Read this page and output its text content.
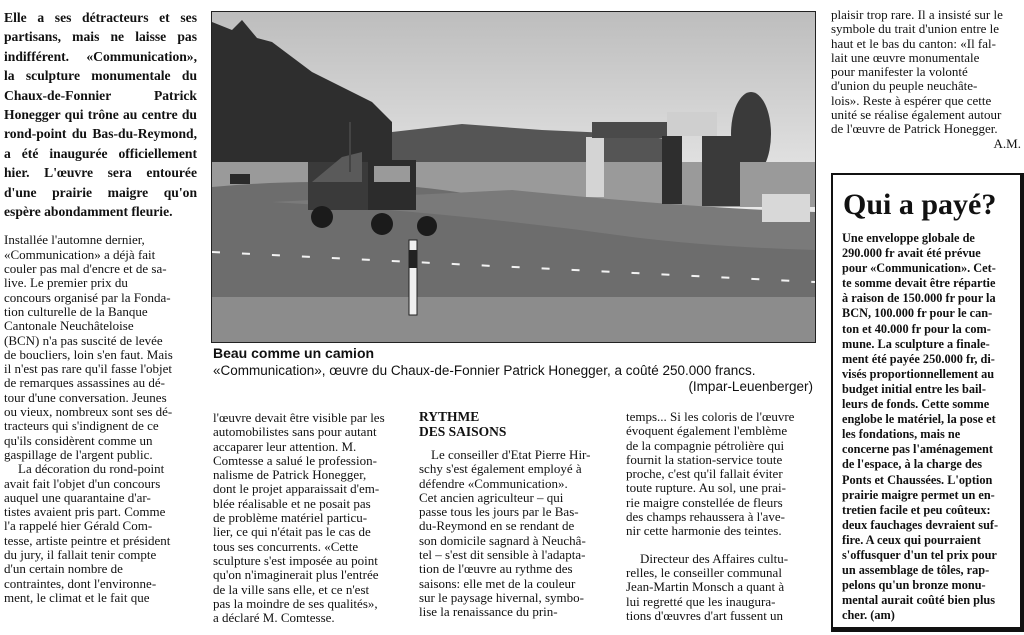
Elle a ses détracteurs et ses partisans, mais ne laisse pas indifférent. «Communication», la sculpture monumentale du Chaux-de-Fonnier Patrick Honegger qui trône au centre du rond-point du Bas-du-Reymond, a été inaugurée officiellement hier. L'œuvre sera entourée d'une prairie maigre qu'on espère abondamment fleurie.
Installée l'automne dernier,
«Communication» a déjà fait
couler pas mal d'encre et de sa-
live. Le premier prix du
concours organisé par la Fonda-
tion culturelle de la Banque
Cantonale Neuchâteloise
(BCN) n'a pas suscité de levée
de boucliers, loin s'en faut. Mais
il n'est pas rare qu'il fasse l'objet
de remarques assassines au dé-
tour d'une conversation. Jeunes
ou vieux, nombreux sont ses dé-
tracteurs qui s'indignent de ce
qu'ils considèrent comme un
gaspillage de l'argent public.
La décoration du rond-point
avait fait l'objet d'un concours
auquel une quarantaine d'ar-
tistes avaient pris part. Comme
l'a rappelé hier Gérald Com-
tesse, artiste peintre et président
du jury, il fallait tenir compte
d'un certain nombre de
contraintes, dont l'environne-
ment, le climat et le fait que
Beau comme un camion
«Communication», œuvre du Chaux-de-Fonnier Patrick Honegger, a coûté 250.000 francs.
(Impar-Leuenberger)
l'œuvre devait être visible par les
automobilistes sans pour autant
accaparer leur attention. M.
Comtesse a salué le profession-
nalisme de Patrick Honegger,
dont le projet apparaissait d'em-
blée réalisable et ne posait pas
de problème matériel particu-
lier, ce qui n'était pas le cas de
tous ses concurrents. «Cette
sculpture s'est imposée au point
qu'on n'imaginerait plus l'entrée
de la ville sans elle, et ce n'est
pas la moindre de ses qualités»,
a déclaré M. Comtesse.
RYTHME
DES SAISONS
Le conseiller d'Etat Pierre Hir-
schy s'est également employé à
défendre «Communication».
Cet ancien agriculteur – qui
passe tous les jours par le Bas-
du-Reymond en se rendant de
son domicile sagnard à Neuchâ-
tel – s'est dit sensible à l'adapta-
tion de l'œuvre au rythme des
saisons: elle met de la couleur
sur le paysage hivernal, symbo-
lise la renaissance du prin-
temps... Si les coloris de l'œuvre
évoquent également l'emblème
de la compagnie pétrolière qui
fournit la station-service toute
proche, c'est qu'il fallait éviter
toute rupture. Au sol, une prai-
rie maigre constellée de fleurs
des champs rehaussera à l'ave-
nir cette harmonie des teintes.
Directeur des Affaires cultu-
relles, le conseiller communal
Jean-Martin Monsch a quant à
lui regretté que les inaugura-
tions d'œuvres d'art fussent un
plaisir trop rare. Il a insisté sur le
symbole du trait d'union entre le
haut et le bas du canton: «Il fal-
lait une œuvre monumentale
pour manifester la volonté
d'union du peuple neuchâte-
lois». Reste à espérer que cette
unité se réalise également autour
de l'œuvre de Patrick Honegger.
A.M.
Qui a payé?
Une enveloppe globale de
290.000 fr avait été prévue
pour «Communication». Cet-
te somme devait être répartie
à raison de 150.000 fr pour la
BCN, 100.000 fr pour le can-
ton et 40.000 fr pour la com-
mune. La sculpture a finale-
ment été payée 250.000 fr, di-
visés proportionnellement au
budget initial entre les bail-
leurs de fonds. Cette somme
englobe le matériel, la pose et
les fondations, mais ne
concerne pas l'aménagement
de l'espace, à la charge des
Ponts et Chaussées. L'option
prairie maigre permet un en-
tretien facile et peu coûteux:
deux fauchages devraient suf-
fire. A ceux qui pourraient
s'offusquer d'un tel prix pour
un assemblage de tôles, rap-
pelons qu'un bronze monu-
mental aurait coûté bien plus
cher. (am)
